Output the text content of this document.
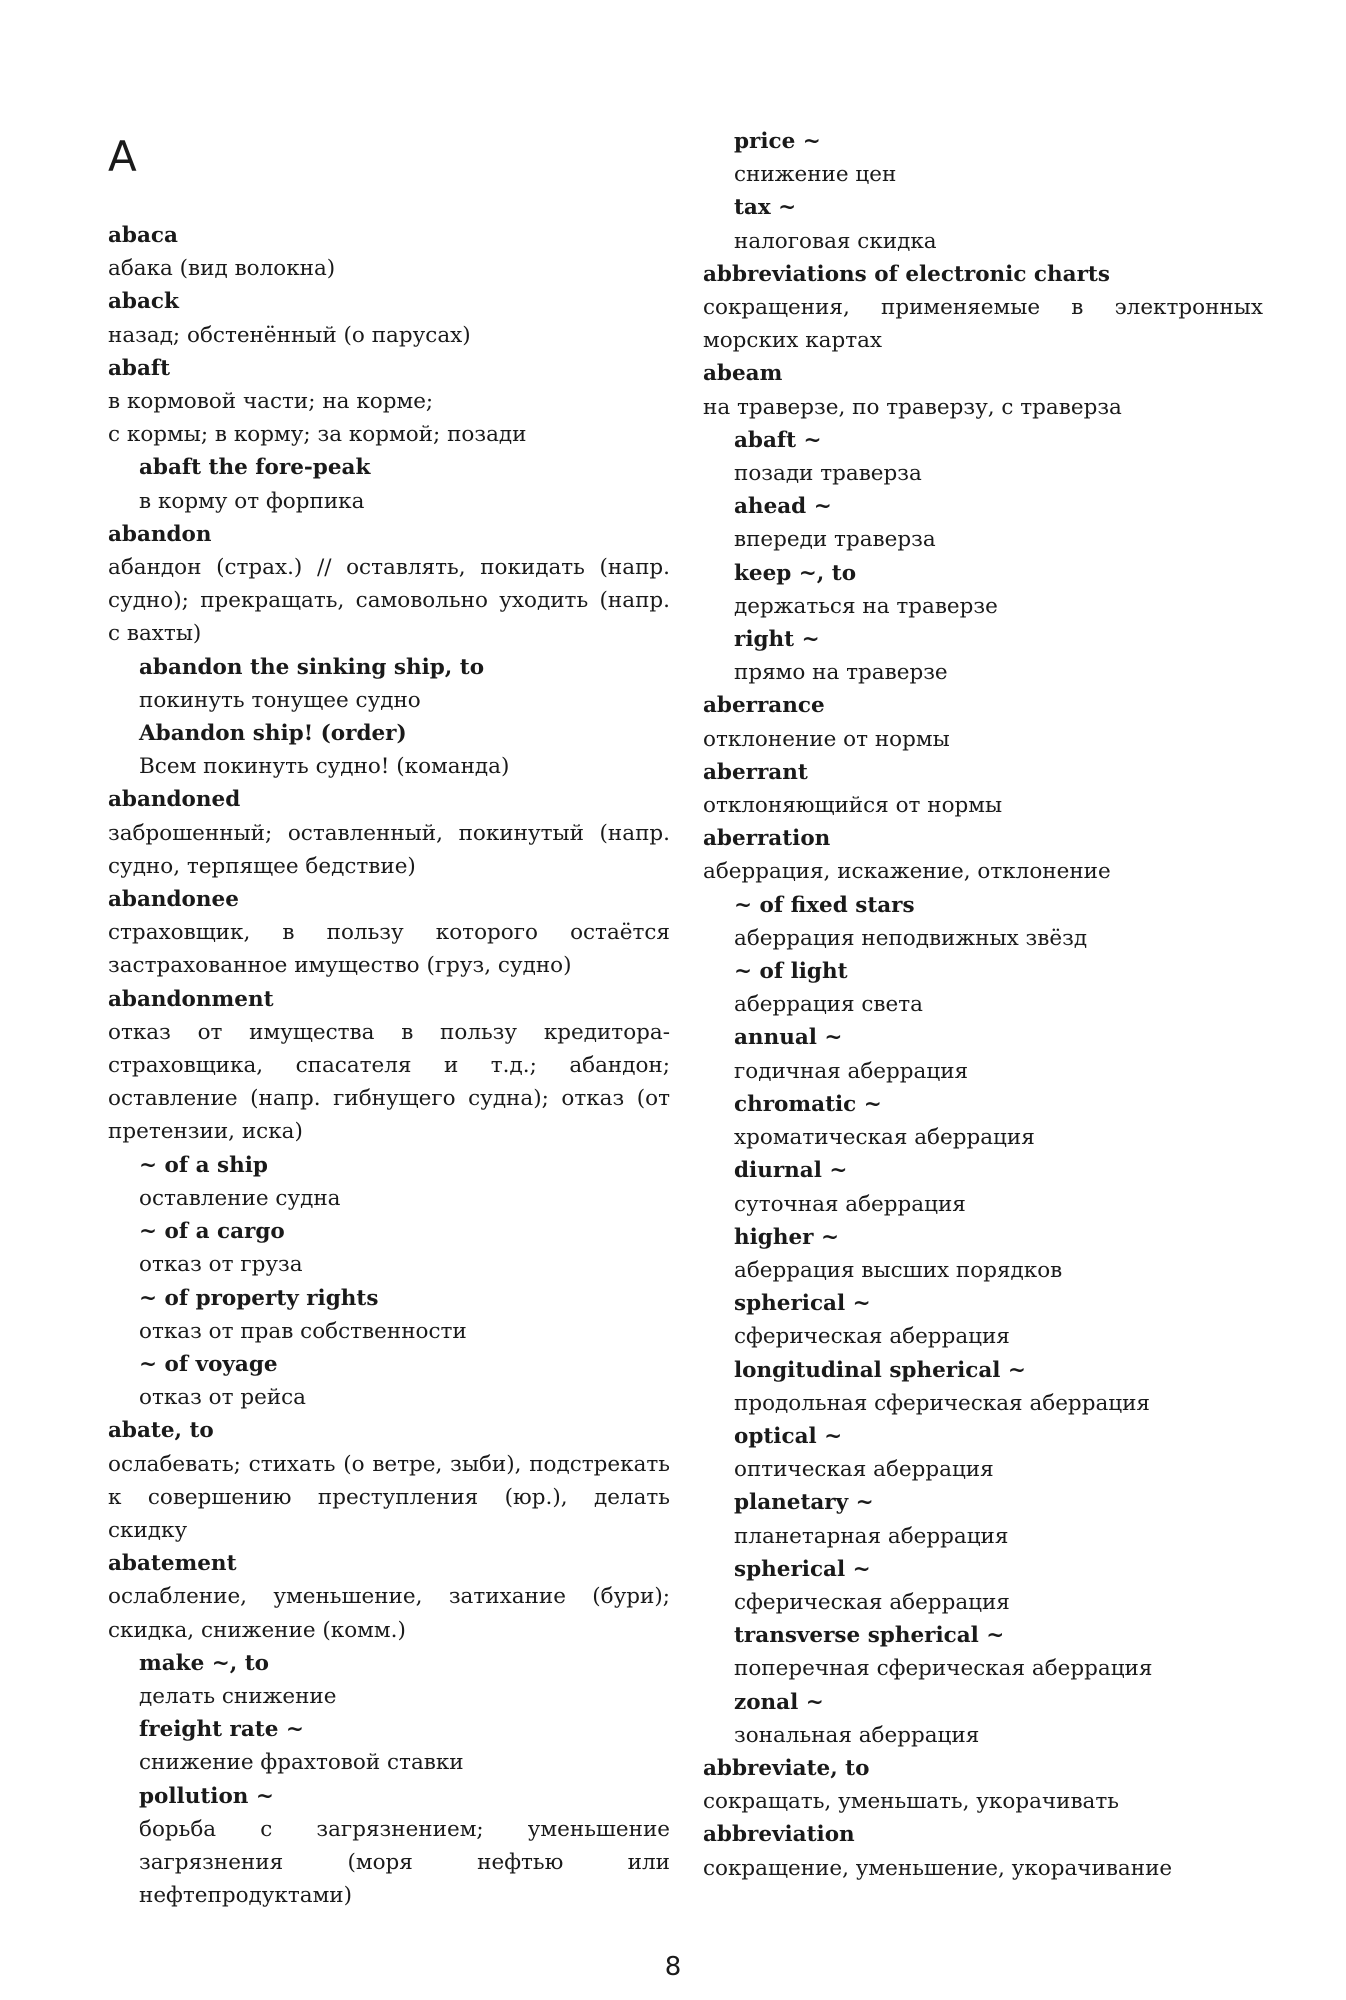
A
abaca
абака (вид волокна)
aback
назад; обстенённый (о парусах)
abaft
в кормовой части; на корме;
с кормы; в корму; за кормой; позади
abaft the fore-peak
в корму от форпика
abandon
абандон (страх.) // оставлять, покидать (напр. судно); прекращать, самовольно уходить (напр. с вахты)
abandon the sinking ship, to
покинуть тонущее судно
Abandon ship! (order)
Всем покинуть судно! (команда)
abandoned
заброшенный; оставленный, покинутый (напр. судно, терпящее бедствие)
abandonee
страховщик, в пользу которого остаётся застрахованное имущество (груз, судно)
abandonment
отказ от имущества в пользу кредитора-страховщика, спасателя и т.д.; абандон; оставление (напр. гибнущего судна); отказ (от претензии, иска)
~ of a ship
оставление судна
~ of a cargo
отказ от груза
~ of property rights
отказ от прав собственности
~ of voyage
отказ от рейса
abate, to
ослабевать; стихать (о ветре, зыби), подстрекать к совершению преступления (юр.), делать скидку
abatement
ослабление, уменьшение, затихание (бури); скидка, снижение (комм.)
make ~, to
делать снижение
freight rate ~
снижение фрахтовой ставки
pollution ~
борьба с загрязнением; уменьшение загрязнения (моря нефтью или нефтепродуктами)
price ~
снижение цен
tax ~
налоговая скидка
abbreviations of electronic charts
сокращения, применяемые в электронных морских картах
abeam
на траверзе, по траверзу, с траверза
abaft ~
позади траверза
ahead ~
впереди траверза
keep ~, to
держаться на траверзе
right ~
прямо на траверзе
aberrance
отклонение от нормы
aberrant
отклоняющийся от нормы
aberration
аберрация, искажение, отклонение
~ of fixed stars
аберрация неподвижных звёзд
~ of light
аберрация света
annual ~
годичная аберрация
chromatic ~
хроматическая аберрация
diurnal ~
суточная аберрация
higher ~
аберрация высших порядков
spherical ~
сферическая аберрация
longitudinal spherical ~
продольная сферическая аберрация
optical ~
оптическая аберрация
planetary ~
планетарная аберрация
spherical ~
сферическая аберрация
transverse spherical ~
поперечная сферическая аберрация
zonal ~
зональная аберрация
abbreviate, to
сокращать, уменьшать, укорачивать
abbreviation
сокращение, уменьшение, укорачивание
8
